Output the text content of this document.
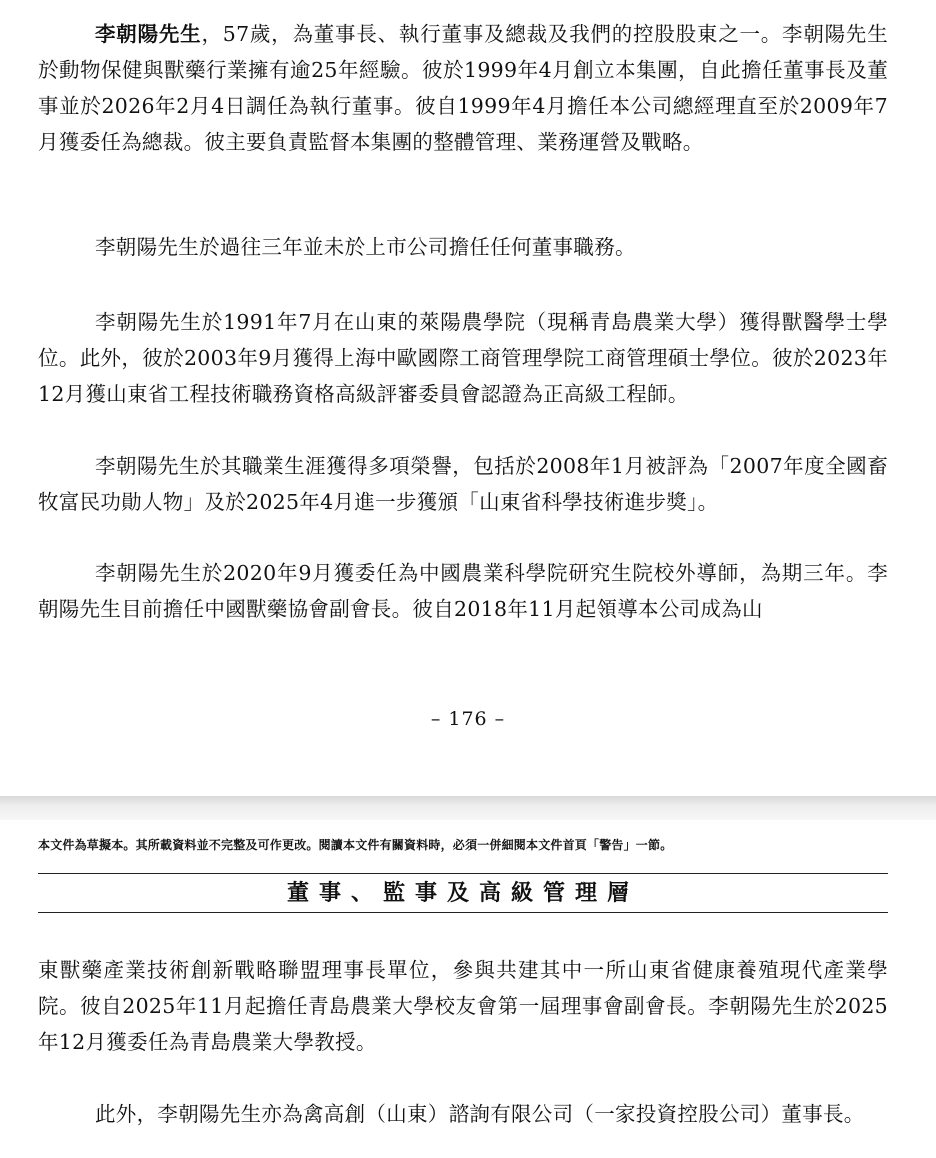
李朝陽先生，57歲，為董事長、執行董事及總裁及我們的控股股東之一。李朝陽先生於動物保健與獸藥行業擁有逾25年經驗。彼於1999年4月創立本集團，自此擔任董事長及董事並於2026年2月4日調任為執行董事。彼自1999年4月擔任本公司總經理直至於2009年7月獲委任為總裁。彼主要負責監督本集團的整體管理、業務運營及戰略。

李朝陽先生於過往三年並未於上市公司擔任任何董事職務。

李朝陽先生於1991年7月在山東的萊陽農學院（現稱青島農業大學）獲得獸醫學士學位。此外，彼於2003年9月獲得上海中歐國際工商管理學院工商管理碩士學位。彼於2023年12月獲山東省工程技術職務資格高級評審委員會認證為正高級工程師。

李朝陽先生於其職業生涯獲得多項榮譽，包括於2008年1月被評為「2007年度全國畜牧富民功勛人物」及於2025年4月進一步獲頒「山東省科學技術進步獎」。

李朝陽先生於2020年9月獲委任為中國農業科學院研究生院校外導師，為期三年。李朝陽先生目前擔任中國獸藥協會副會長。彼自2018年11月起領導本公司成為山

– 176 –
本文件為草擬本。其所載資料並不完整及可作更改。閱讀本文件有關資料時，必須一併細閱本文件首頁「警告」一節。
董事、監事及高級管理層

東獸藥產業技術創新戰略聯盟理事長單位，參與共建其中一所山東省健康養殖現代產業學院。彼自2025年11月起擔任青島農業大學校友會第一屆理事會副會長。李朝陽先生於2025年12月獲委任為青島農業大學教授。

此外，李朝陽先生亦為禽高創（山東）諮詢有限公司（一家投資控股公司）董事長。
